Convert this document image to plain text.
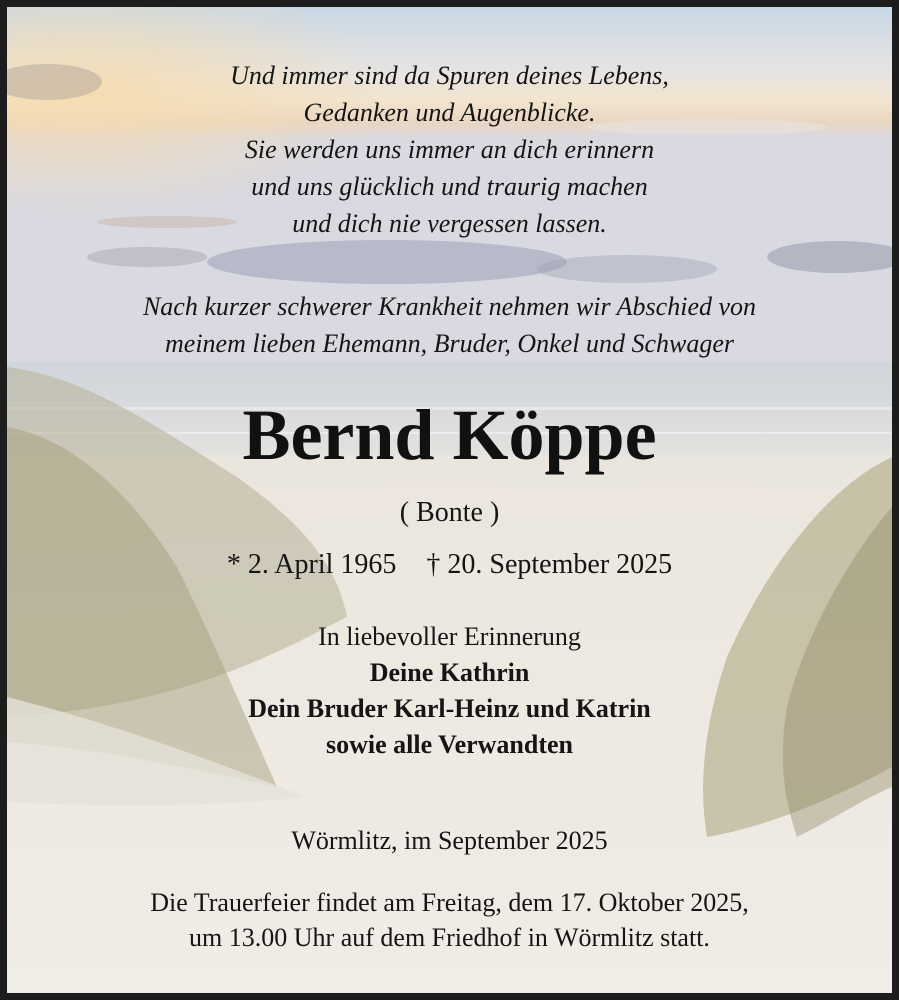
Und immer sind da Spuren deines Lebens,
Gedanken und Augenblicke.
Sie werden uns immer an dich erinnern
und uns glücklich und traurig machen
und dich nie vergessen lassen.
Nach kurzer schwerer Krankheit nehmen wir Abschied von
meinem lieben Ehemann, Bruder, Onkel und Schwager
Bernd Köppe
( Bonte )
* 2. April 1965 † 20. September 2025
In liebevoller Erinnerung
Deine Kathrin
Dein Bruder Karl-Heinz und Katrin
sowie alle Verwandten
Wörmlitz, im September 2025
Die Trauerfeier findet am Freitag, dem 17. Oktober 2025,
um 13.00 Uhr auf dem Friedhof in Wörmlitz statt.
